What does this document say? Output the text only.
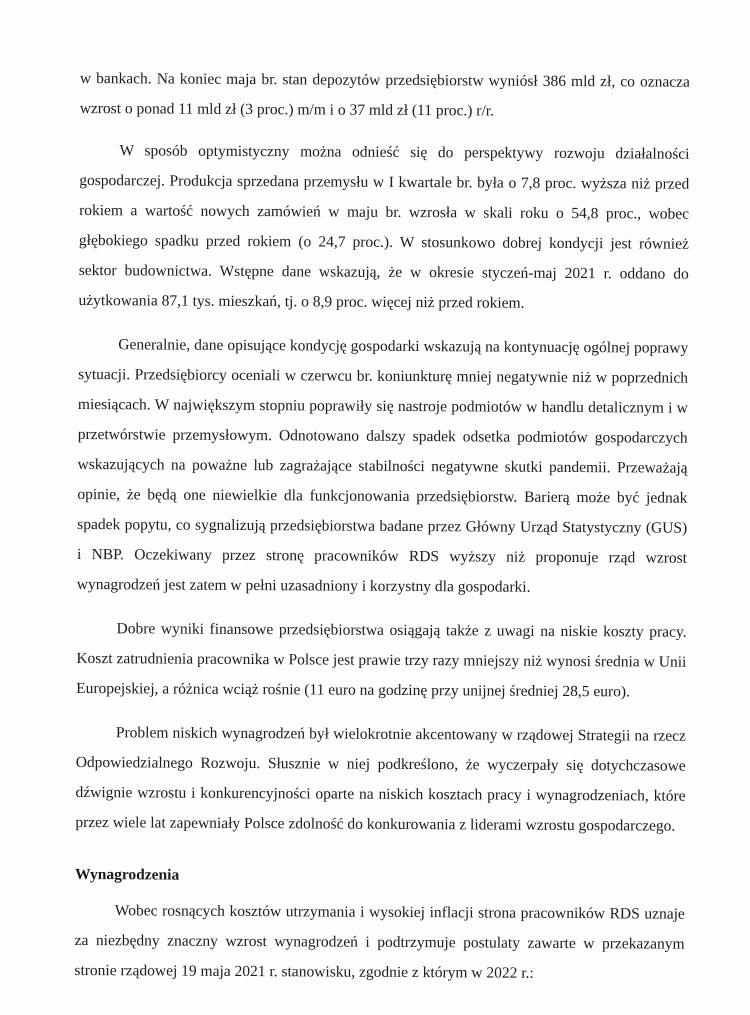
w bankach. Na koniec maja br. stan depozytów przedsiębiorstw wyniósł 386 mld zł, co oznacza wzrost o ponad 11 mld zł (3 proc.) m/m i o 37 mld zł (11 proc.) r/r.

W sposób optymistyczny można odnieść się do perspektywy rozwoju działalności gospodarczej. Produkcja sprzedana przemysłu w I kwartale br. była o 7,8 proc. wyższa niż przed rokiem a wartość nowych zamówień w maju br. wzrosła w skali roku o 54,8 proc., wobec głębokiego spadku przed rokiem (o 24,7 proc.). W stosunkowo dobrej kondycji jest również sektor budownictwa. Wstępne dane wskazują, że w okresie styczeń-maj 2021 r. oddano do użytkowania 87,1 tys. mieszkań, tj. o 8,9 proc. więcej niż przed rokiem.

Generalnie, dane opisujące kondycję gospodarki wskazują na kontynuację ogólnej poprawy sytuacji. Przedsiębiorcy oceniali w czerwcu br. koniunkturę mniej negatywnie niż w poprzednich miesiącach. W największym stopniu poprawiły się nastroje podmiotów w handlu detalicznym i w przetwórstwie przemysłowym. Odnotowano dalszy spadek odsetka podmiotów gospodarczych wskazujących na poważne lub zagrażające stabilności negatywne skutki pandemii. Przeważają opinie, że będą one niewielkie dla funkcjonowania przedsiębiorstw. Barierą może być jednak spadek popytu, co sygnalizują przedsiębiorstwa badane przez Główny Urząd Statystyczny (GUS) i NBP. Oczekiwany przez stronę pracowników RDS wyższy niż proponuje rząd wzrost wynagrodzeń jest zatem w pełni uzasadniony i korzystny dla gospodarki.

Dobre wyniki finansowe przedsiębiorstwa osiągają także z uwagi na niskie koszty pracy. Koszt zatrudnienia pracownika w Polsce jest prawie trzy razy mniejszy niż wynosi średnia w Unii Europejskiej, a różnica wciąż rośnie (11 euro na godzinę przy unijnej średniej 28,5 euro).

Problem niskich wynagrodzeń był wielokrotnie akcentowany w rządowej Strategii na rzecz Odpowiedzialnego Rozwoju. Słusznie w niej podkreślono, że wyczerpały się dotychczasowe dźwignie wzrostu i konkurencyjności oparte na niskich kosztach pracy i wynagrodzeniach, które przez wiele lat zapewniały Polsce zdolność do konkurowania z liderami wzrostu gospodarczego.

Wynagrodzenia

Wobec rosnących kosztów utrzymania i wysokiej inflacji strona pracowników RDS uznaje za niezbędny znaczny wzrost wynagrodzeń i podtrzymuje postulaty zawarte w przekazanym stronie rządowej 19 maja 2021 r. stanowisku, zgodnie z którym w 2022 r.:
